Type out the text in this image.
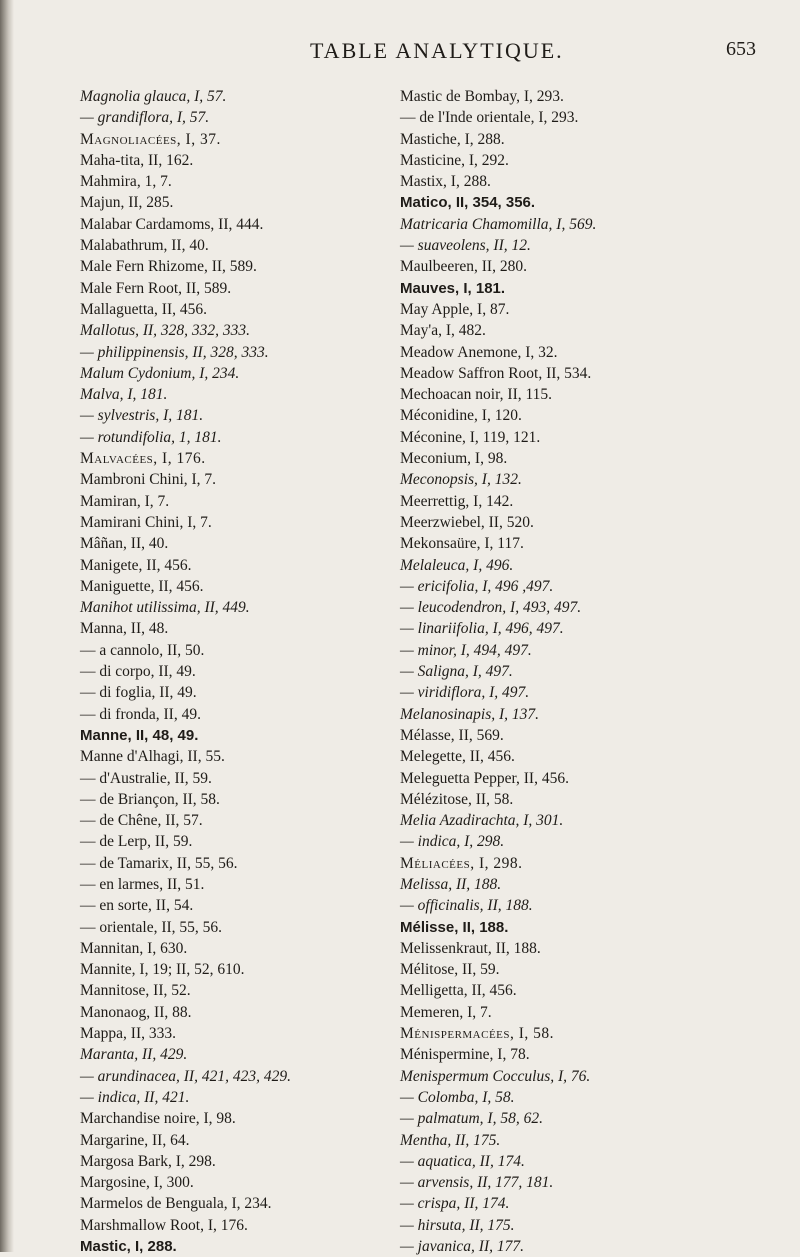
TABLE ANALYTIQUE.	653
Magnolia glauca, I, 57.
— grandiflora, I, 57.
Magnoliacées, I, 37.
Maha-tita, II, 162.
Mahmira, 1, 7.
Majun, II, 285.
Malabar Cardamoms, II, 444.
Malabathrum, II, 40.
Male Fern Rhizome, II, 589.
Male Fern Root, II, 589.
Mallaguetta, II, 456.
Mallotus, II, 328, 332, 333.
— philippinensis, II, 328, 333.
Malum Cydonium, I, 234.
Malva, I, 181.
— sylvestris, I, 181.
— rotundifolia, 1, 181.
Malvacées, I, 176.
Mambroni Chini, I, 7.
Mamiran, I, 7.
Mamirani Chini, I, 7.
Mâñan, II, 40.
Manigete, II, 456.
Maniguette, II, 456.
Manihot utilissima, II, 449.
Manna, II, 48.
— a cannolo, II, 50.
— di corpo, II, 49.
— di foglia, II, 49.
— di fronda, II, 49.
Manne, II, 48, 49.
Manne d'Alhagi, II, 55.
— d'Australie, II, 59.
— de Briançon, II, 58.
— de Chêne, II, 57.
— de Lerp, II, 59.
— de Tamarix, II, 55, 56.
— en larmes, II, 51.
— en sorte, II, 54.
— orientale, II, 55, 56.
Mannitan, I, 630.
Mannite, I, 19; II, 52, 610.
Mannitose, II, 52.
Manonaog, II, 88.
Mappa, II, 333.
Maranta, II, 429.
— arundinacea, II, 421, 423, 429.
— indica, II, 421.
Marchandise noire, I, 98.
Margarine, II, 64.
Margosa Bark, I, 298.
Margosine, I, 300.
Marmelos de Benguala, I, 234.
Marshmallow Root, I, 176.
Mastic, I, 288.
Mastic de Bombay, I, 293.
— de l'Inde orientale, I, 293.
Mastiche, I, 288.
Masticine, I, 292.
Mastix, I, 288.
Matico, II, 354, 356.
Matricaria Chamomilla, I, 569.
— suaveolens, II, 12.
Maulbeeren, II, 280.
Mauves, I, 181.
May Apple, I, 87.
May'a, I, 482.
Meadow Anemone, I, 32.
Meadow Saffron Root, II, 534.
Mechoacan noir, II, 115.
Méconidine, I, 120.
Méconine, I, 119, 121.
Meconium, I, 98.
Meconopsis, I, 132.
Meerrettig, I, 142.
Meerzwiebel, II, 520.
Mekonsaüre, I, 117.
Melaleuca, I, 496.
— ericifolia, I, 496 ,497.
— leucodendron, I, 493, 497.
— linariifolia, I, 496, 497.
— minor, I, 494, 497.
— Saligna, I, 497.
— viridiflora, I, 497.
Melanosinapis, I, 137.
Mélasse, II, 569.
Melegette, II, 456.
Meleguetta Pepper, II, 456.
Mélézitose, II, 58.
Melia Azadirachta, I, 301.
— indica, I, 298.
Méliacées, I, 298.
Melissa, II, 188.
— officinalis, II, 188.
Mélisse, II, 188.
Melissenkraut, II, 188.
Mélitose, II, 59.
Melligetta, II, 456.
Memeren, I, 7.
Ménispermacées, I, 58.
Ménispermine, I, 78.
Menispermum Cocculus, I, 76.
— Colomba, I, 58.
— palmatum, I, 58, 62.
Mentha, II, 175.
— aquatica, II, 174.
— arvensis, II, 177, 181.
— crispa, II, 174.
— hirsuta, II, 175.
— javanica, II, 177.
